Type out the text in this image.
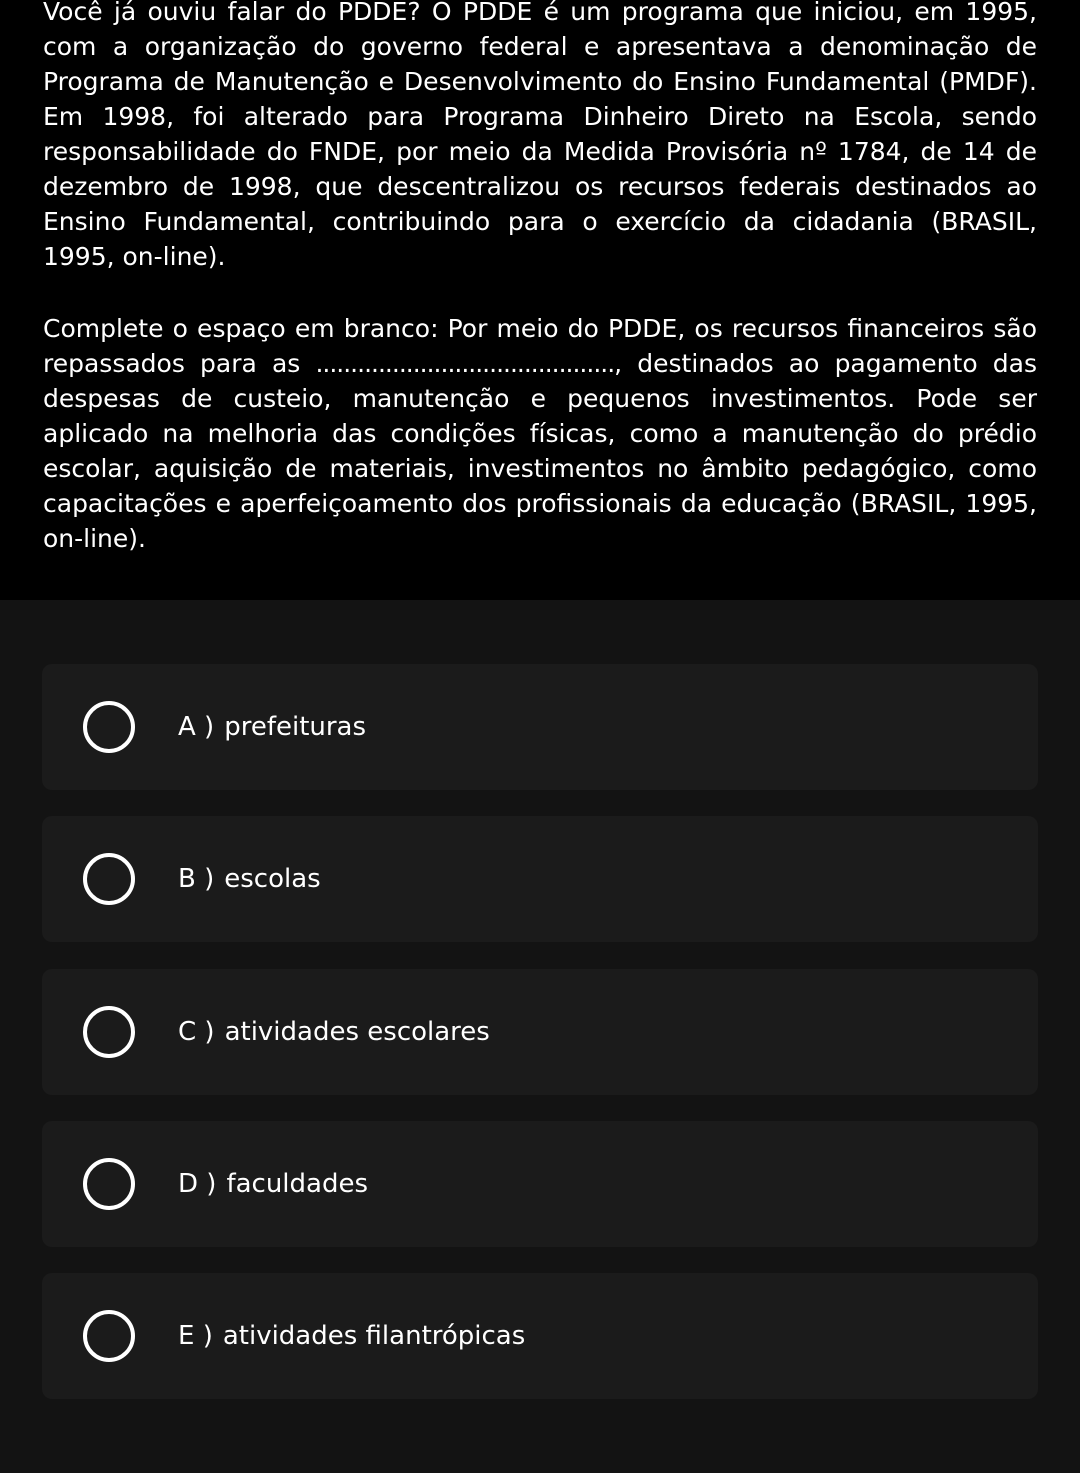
Você já ouviu falar do PDDE? O PDDE é um programa que iniciou, em 1995, com a organização do governo federal e apresentava a denominação de Programa de Manutenção e Desenvolvimento do Ensino Fundamental (PMDF). Em 1998, foi alterado para Programa Dinheiro Direto na Escola, sendo responsabilidade do FNDE, por meio da Medida Provisória nº 1784, de 14 de dezembro de 1998, que descentralizou os recursos federais destinados ao Ensino Fundamental, contribuindo para o exercício da cidadania (BRASIL, 1995, on-line).

Complete o espaço em branco: Por meio do PDDE, os recursos financeiros são repassados para as ..........................................., destinados ao pagamento das despesas de custeio, manutenção e pequenos investimentos. Pode ser aplicado na melhoria das condições físicas, como a manutenção do prédio escolar, aquisição de materiais, investimentos no âmbito pedagógico, como capacitações e aperfeiçoamento dos profissionais da educação (BRASIL, 1995, on-line).

A ) prefeituras
B ) escolas
C ) atividades escolares
D ) faculdades
E ) atividades filantrópicas
